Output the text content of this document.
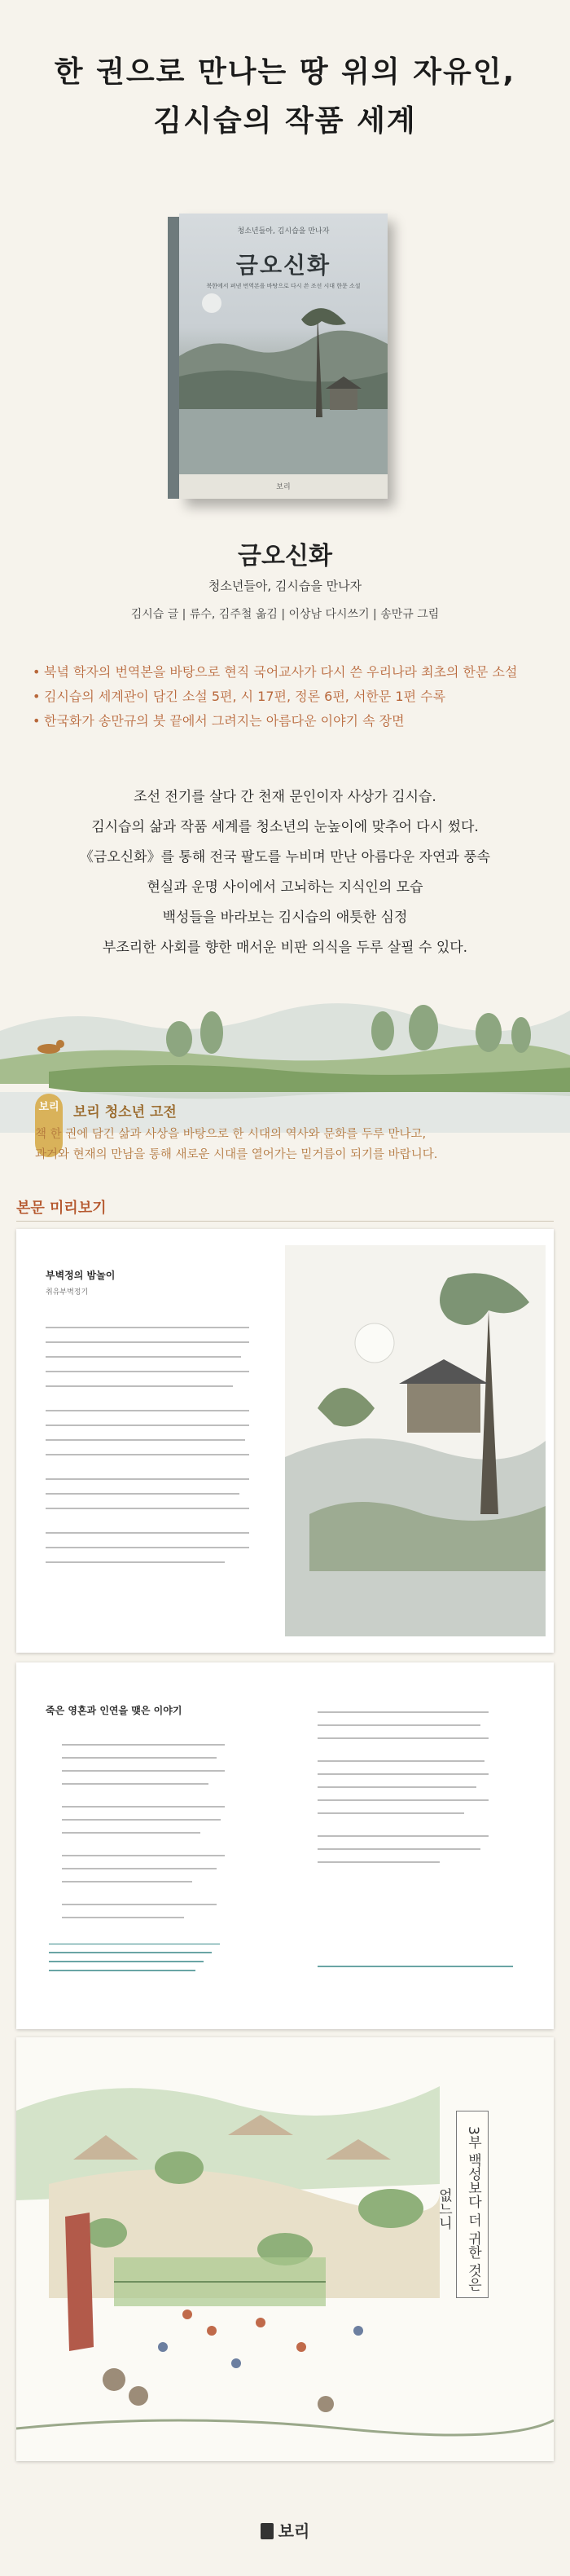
한 권으로 만나는 땅 위의 자유인,
김시습의 작품 세계
청소년들아, 김시습을 만나자
금오신화
북한에서 펴낸 번역본을 바탕으로 다시 쓴 조선 시대 한문 소설
보리
금오신화
청소년들아, 김시습을 만나자
김시습 글 | 류수, 김주철 옮김 | 이상남 다시쓰기 | 송만규 그림
• 북녘 학자의 번역본을 바탕으로 현직 국어교사가 다시 쓴 우리나라 최초의 한문 소설
• 김시습의 세계관이 담긴 소설 5편, 시 17편, 정론 6편, 서한문 1편 수록
• 한국화가 송만규의 붓 끝에서 그려지는 아름다운 이야기 속 장면
조선 전기를 살다 간 천재 문인이자 사상가 김시습.
김시습의 삶과 작품 세계를 청소년의 눈높이에 맞추어 다시 썼다.
《금오신화》를 통해 전국 팔도를 누비며 만난 아름다운 자연과 풍속
현실과 운명 사이에서 고뇌하는 지식인의 모습
백성들을 바라보는 김시습의 애틋한 심정
부조리한 사회를 향한 매서운 비판 의식을 두루 살필 수 있다.
보리 보리 청소년 고전
책 한 권에 담긴 삶과 사상을 바탕으로 한 시대의 역사와 문화를 두루 만나고,
과거와 현재의 만남을 통해 새로운 시대를 열어가는 밑거름이 되기를 바랍니다.
본문 미리보기
부벽정의 밤놀이
취유부벽정기
죽은 영혼과 인연을 맺은 이야기
3부 백성보다 더 귀한 것은 없느니
보리
